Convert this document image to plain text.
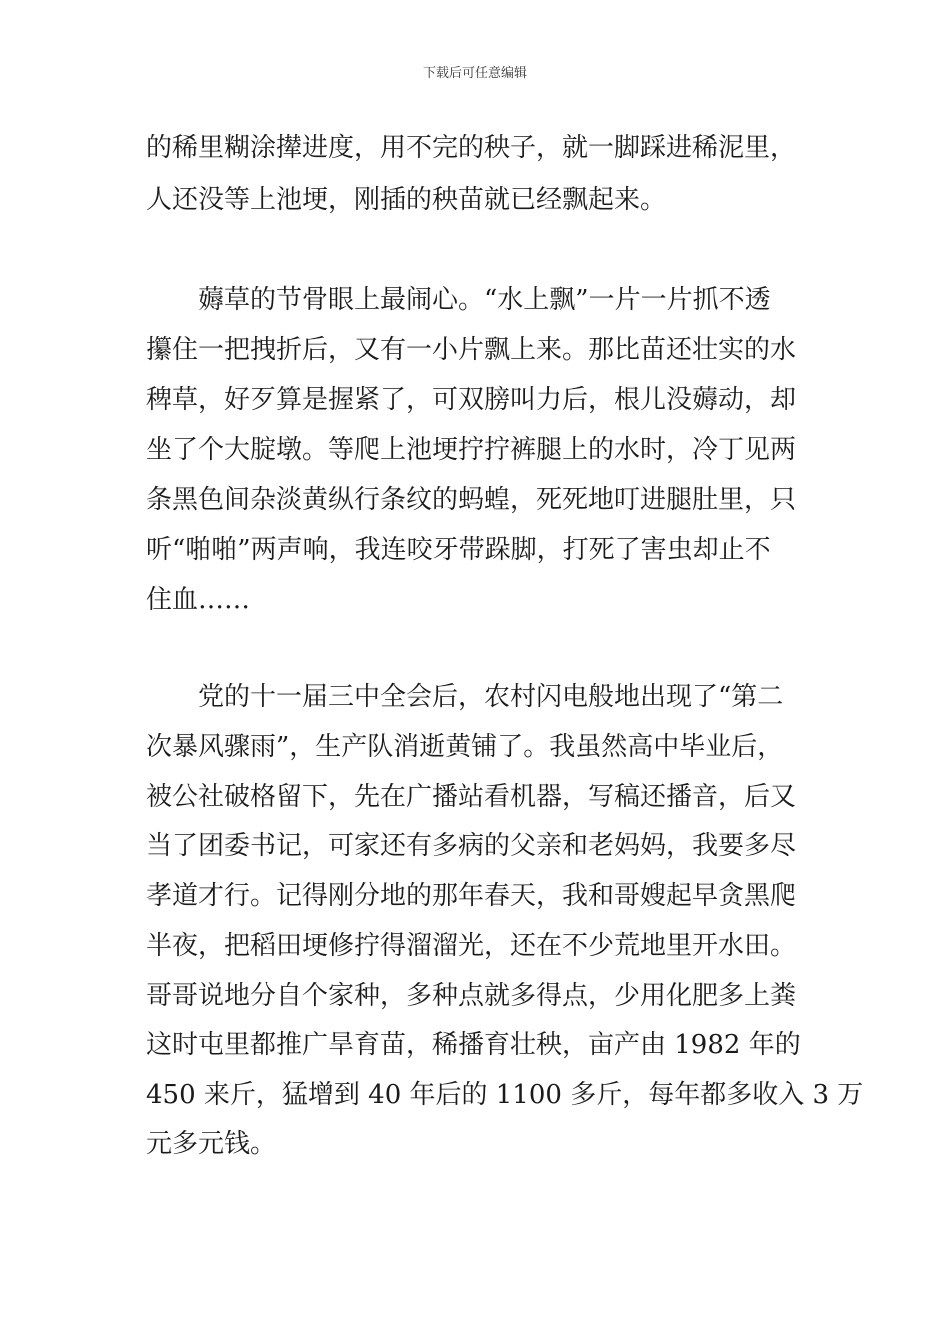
下载后可任意编辑
的稀里糊涂撵进度，用不完的秧子，就一脚踩进稀泥里，
人还没等上池埂，刚插的秧苗就已经飘起来。
　　薅草的节骨眼上最闹心。“水上飘”一片一片抓不透
攥住一把拽折后，又有一小片飘上来。那比苗还壮实的水
稗草，好歹算是握紧了，可双膀叫力后，根儿没薅动，却
坐了个大腚墩。等爬上池埂拧拧裤腿上的水时，冷丁见两
条黑色间杂淡黄纵行条纹的蚂蝗，死死地叮进腿肚里，只
听“啪啪”两声响，我连咬牙带跺脚，打死了害虫却止不
住血……
　　党的十一届三中全会后，农村闪电般地出现了“第二
次暴风骤雨”，生产队消逝黄铺了。我虽然高中毕业后，
被公社破格留下，先在广播站看机器，写稿还播音，后又
当了团委书记，可家还有多病的父亲和老妈妈，我要多尽
孝道才行。记得刚分地的那年春天，我和哥嫂起早贪黑爬
半夜，把稻田埂修拧得溜溜光，还在不少荒地里开水田。
哥哥说地分自个家种，多种点就多得点，少用化肥多上粪
这时屯里都推广旱育苗，稀播育壮秧，亩产由 1982 年的
450 来斤，猛增到 40 年后的 1100 多斤，每年都多收入 3 万
元多元钱。
